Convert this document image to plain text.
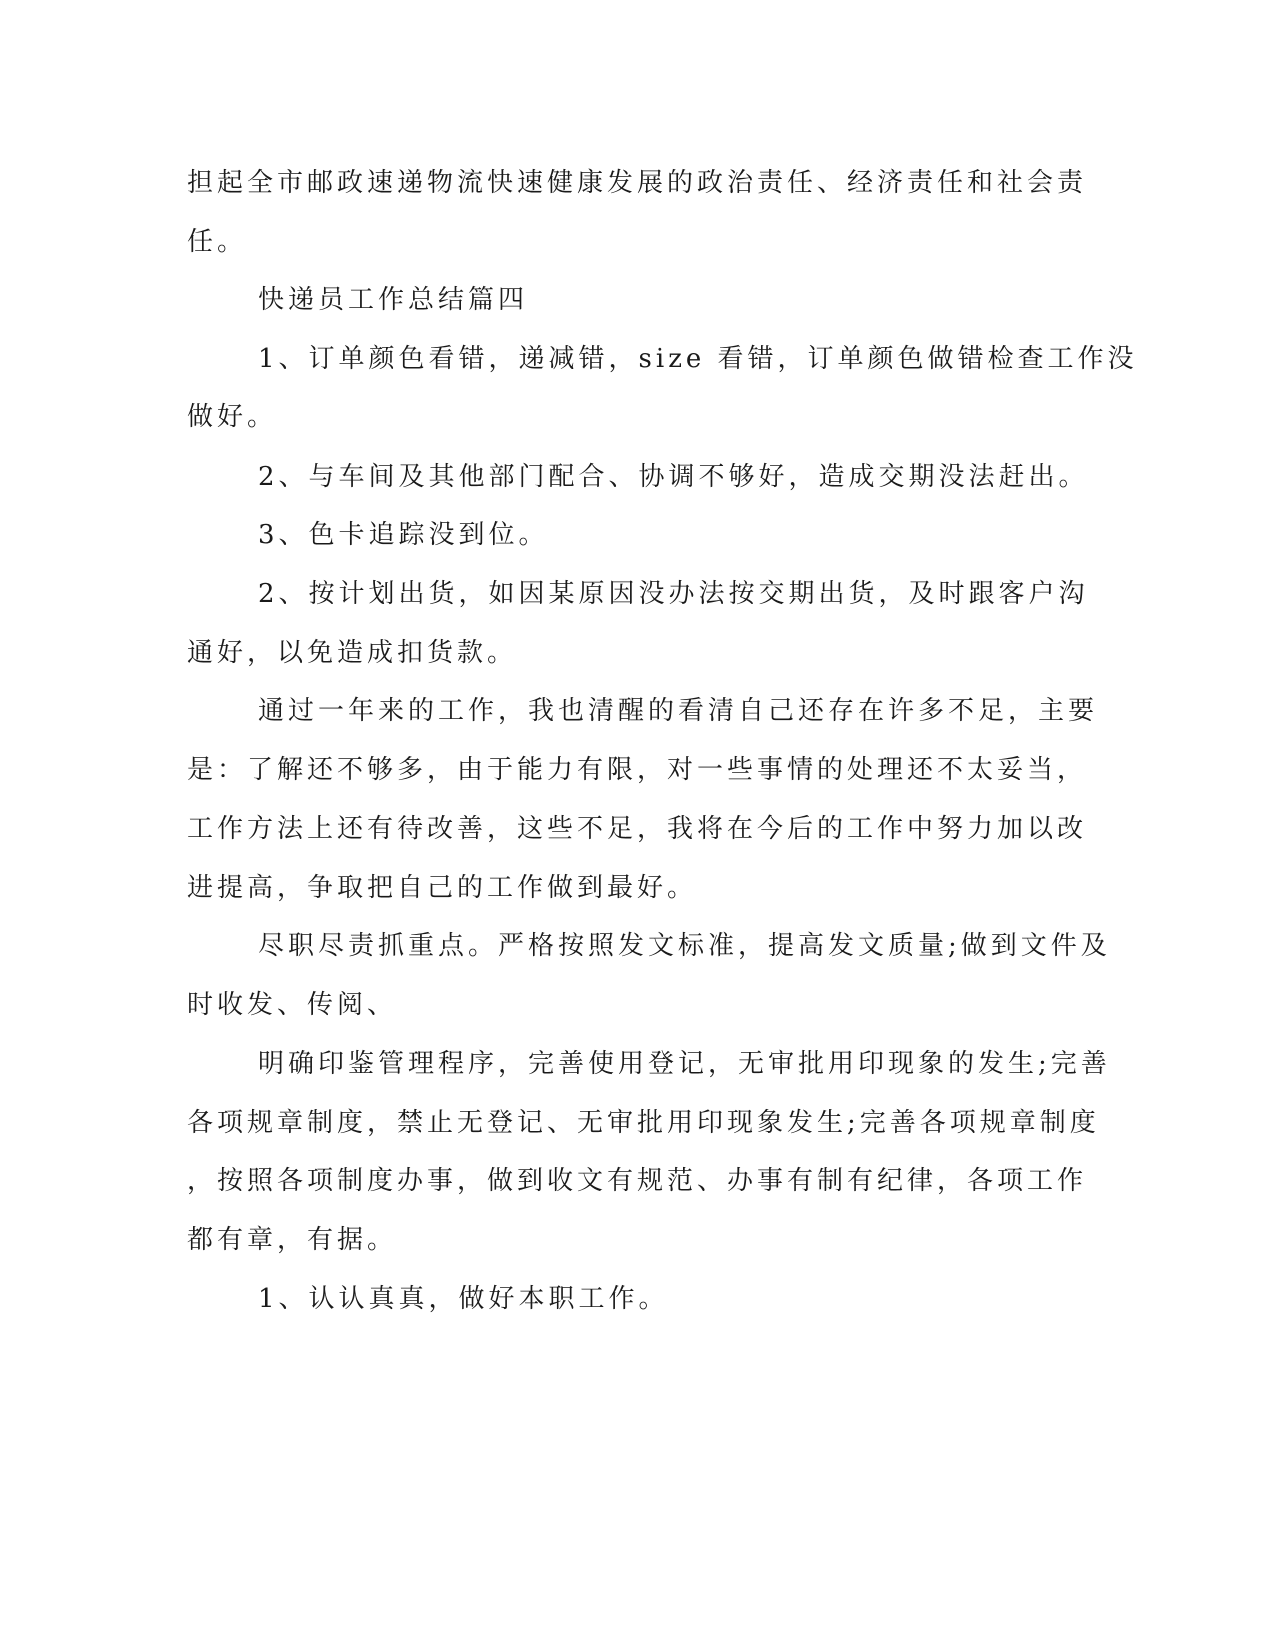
担起全市邮政速递物流快速健康发展的政治责任、经济责任和社会责
任。
快递员工作总结篇四
1、订单颜色看错，递减错，size 看错，订单颜色做错检查工作没
做好。
2、与车间及其他部门配合、协调不够好，造成交期没法赶出。
3、色卡追踪没到位。
2、按计划出货，如因某原因没办法按交期出货，及时跟客户沟
通好，以免造成扣货款。
通过一年来的工作，我也清醒的看清自己还存在许多不足，主要
是：了解还不够多，由于能力有限，对一些事情的处理还不太妥当，
工作方法上还有待改善，这些不足，我将在今后的工作中努力加以改
进提高，争取把自己的工作做到最好。
尽职尽责抓重点。严格按照发文标准，提高发文质量;做到文件及
时收发、传阅、
明确印鉴管理程序，完善使用登记，无审批用印现象的发生;完善
各项规章制度，禁止无登记、无审批用印现象发生;完善各项规章制度
，按照各项制度办事，做到收文有规范、办事有制有纪律，各项工作
都有章，有据。
1、认认真真，做好本职工作。
